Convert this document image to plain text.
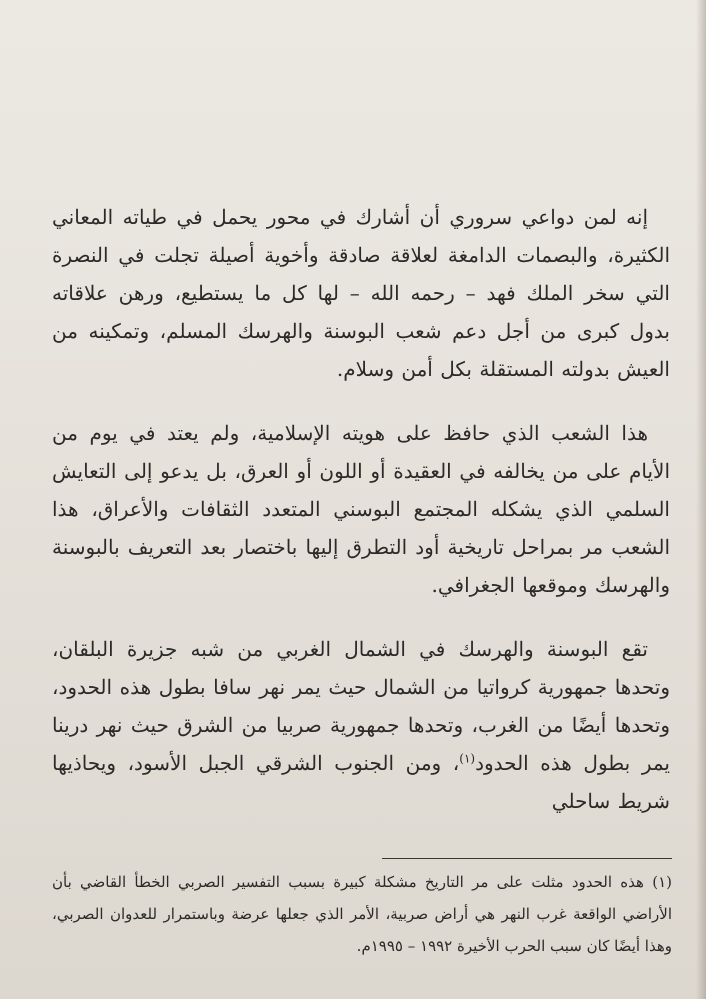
إنه لمن دواعي سروري أن أشارك في محور يحمل في طياته المعاني الكثيرة، والبصمات الدامغة لعلاقة صادقة وأخوية أصيلة تجلت في النصرة التي سخر الملك فهد – رحمه الله – لها كل ما يستطيع، ورهن علاقاته بدول كبرى من أجل دعم شعب البوسنة والهرسك المسلم، وتمكينه من العيش بدولته المستقلة بكل أمن وسلام.

هذا الشعب الذي حافظ على هويته الإسلامية، ولم يعتد في يوم من الأيام على من يخالفه في العقيدة أو اللون أو العرق، بل يدعو إلى التعايش السلمي الذي يشكله المجتمع البوسني المتعدد الثقافات والأعراق، هذا الشعب مر بمراحل تاريخية أود التطرق إليها باختصار بعد التعريف بالبوسنة والهرسك وموقعها الجغرافي.

تقع البوسنة والهرسك في الشمال الغربي من شبه جزيرة البلقان، وتحدها جمهورية كرواتيا من الشمال حيث يمر نهر سافا بطول هذه الحدود، وتحدها أيضًا من الغرب، وتحدها جمهورية صربيا من الشرق حيث نهر درينا يمر بطول هذه الحدود$^{(١)}$، ومن الجنوب الشرقي الجبل الأسود، ويحاذيها شريط ساحلي

(١) هذه الحدود مثلت على مر التاريخ مشكلة كبيرة بسبب التفسير الصربي الخطأ القاضي بأن الأراضي الواقعة غرب النهر هي أراض صربية، الأمر الذي جعلها عرضة وباستمرار للعدوان الصربي، وهذا أيضًا كان سبب الحرب الأخيرة ١٩٩٢ – ١٩٩٥م.
